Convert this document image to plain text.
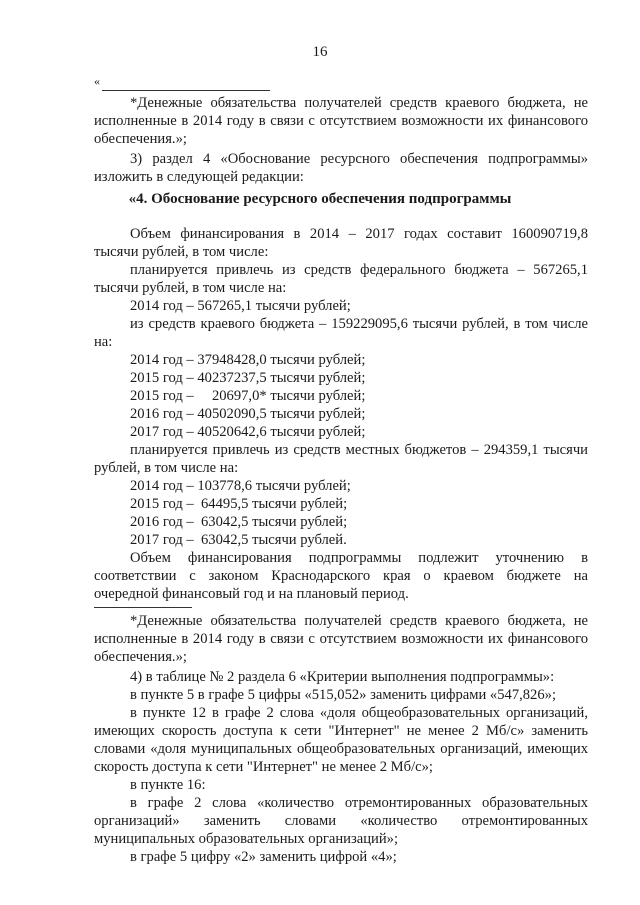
16
«
*Денежные обязательства получателей средств краевого бюджета, не
исполненные в 2014 году в связи с отсутствием возможности их финансового
обеспечения.»;
3) раздел 4 «Обоснование ресурсного обеспечения подпрограммы»
изложить в следующей редакции:
«4. Обоснование ресурсного обеспечения подпрограммы
Объем финансирования в 2014 – 2017 годах составит 160090719,8
тысячи рублей, в том числе:
планируется привлечь из средств федерального бюджета – 567265,1
тысячи рублей, в том числе на:
2014 год – 567265,1 тысячи рублей;
из средств краевого бюджета – 159229095,6 тысячи рублей, в том числе
на:
2014 год – 37948428,0 тысячи рублей;
2015 год – 40237237,5 тысячи рублей;
2015 год –     20697,0* тысячи рублей;
2016 год – 40502090,5 тысячи рублей;
2017 год – 40520642,6 тысячи рублей;
планируется привлечь из средств местных бюджетов – 294359,1 тысячи
рублей, в том числе на:
2014 год – 103778,6 тысячи рублей;
2015 год –  64495,5 тысячи рублей;
2016 год –  63042,5 тысячи рублей;
2017 год –  63042,5 тысячи рублей.
Объем финансирования подпрограммы подлежит уточнению в
соответствии с законом Краснодарского края о краевом бюджете на
очередной финансовый год и на плановый период.
*Денежные обязательства получателей средств краевого бюджета, не
исполненные в 2014 году в связи с отсутствием возможности их финансового
обеспечения.»;
4) в таблице № 2 раздела 6 «Критерии выполнения подпрограммы»:
в пункте 5 в графе 5 цифры «515,052» заменить цифрами «547,826»;
в пункте 12 в графе 2 слова «доля общеобразовательных организаций,
имеющих скорость доступа к сети "Интернет" не менее 2 Мб/с» заменить
словами «доля муниципальных общеобразовательных организаций, имеющих
скорость доступа к сети "Интернет" не менее 2 Мб/с»;
в пункте 16:
в графе 2 слова «количество отремонтированных образовательных
организаций» заменить словами «количество отремонтированных
муниципальных образовательных организаций»;
в графе 5 цифру «2» заменить цифрой «4»;
